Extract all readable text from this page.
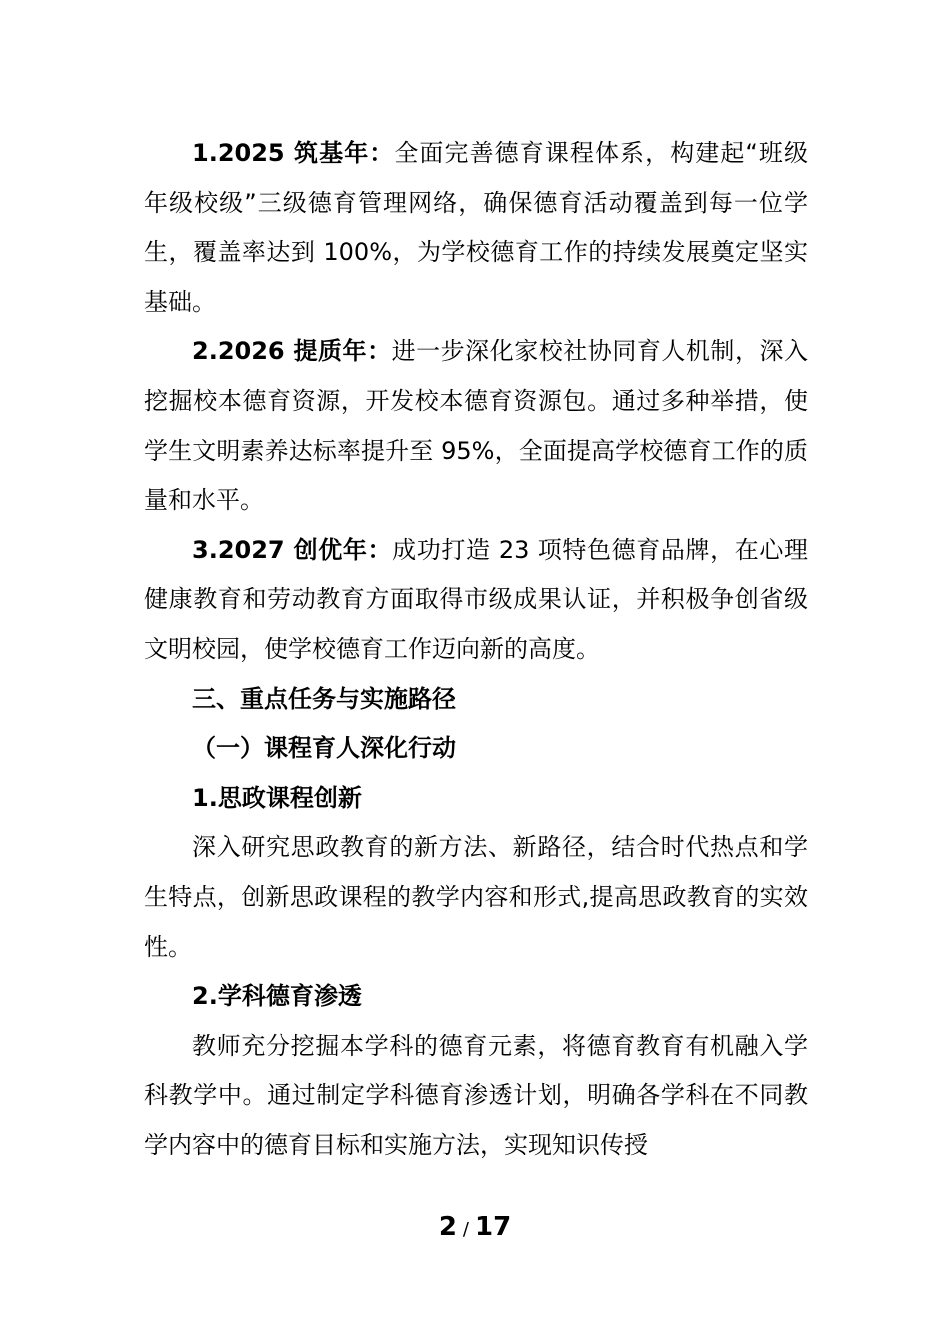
1.2025 筑基年：全面完善德育课程体系，构建起“班级年级校级”三级德育管理网络，确保德育活动覆盖到每一位学生，覆盖率达到 100%，为学校德育工作的持续发展奠定坚实基础。

2.2026 提质年：进一步深化家校社协同育人机制，深入挖掘校本德育资源，开发校本德育资源包。通过多种举措，使学生文明素养达标率提升至 95%，全面提高学校德育工作的质量和水平。

3.2027 创优年：成功打造 23 项特色德育品牌，在心理健康教育和劳动教育方面取得市级成果认证，并积极争创省级文明校园，使学校德育工作迈向新的高度。

三、重点任务与实施路径

（一）课程育人深化行动

1.思政课程创新

深入研究思政教育的新方法、新路径，结合时代热点和学生特点，创新思政课程的教学内容和形式,提高思政教育的实效性。

2.学科德育渗透

教师充分挖掘本学科的德育元素，将德育教育有机融入学科教学中。通过制定学科德育渗透计划，明确各学科在不同教学内容中的德育目标和实施方法，实现知识传授

2 / 17
